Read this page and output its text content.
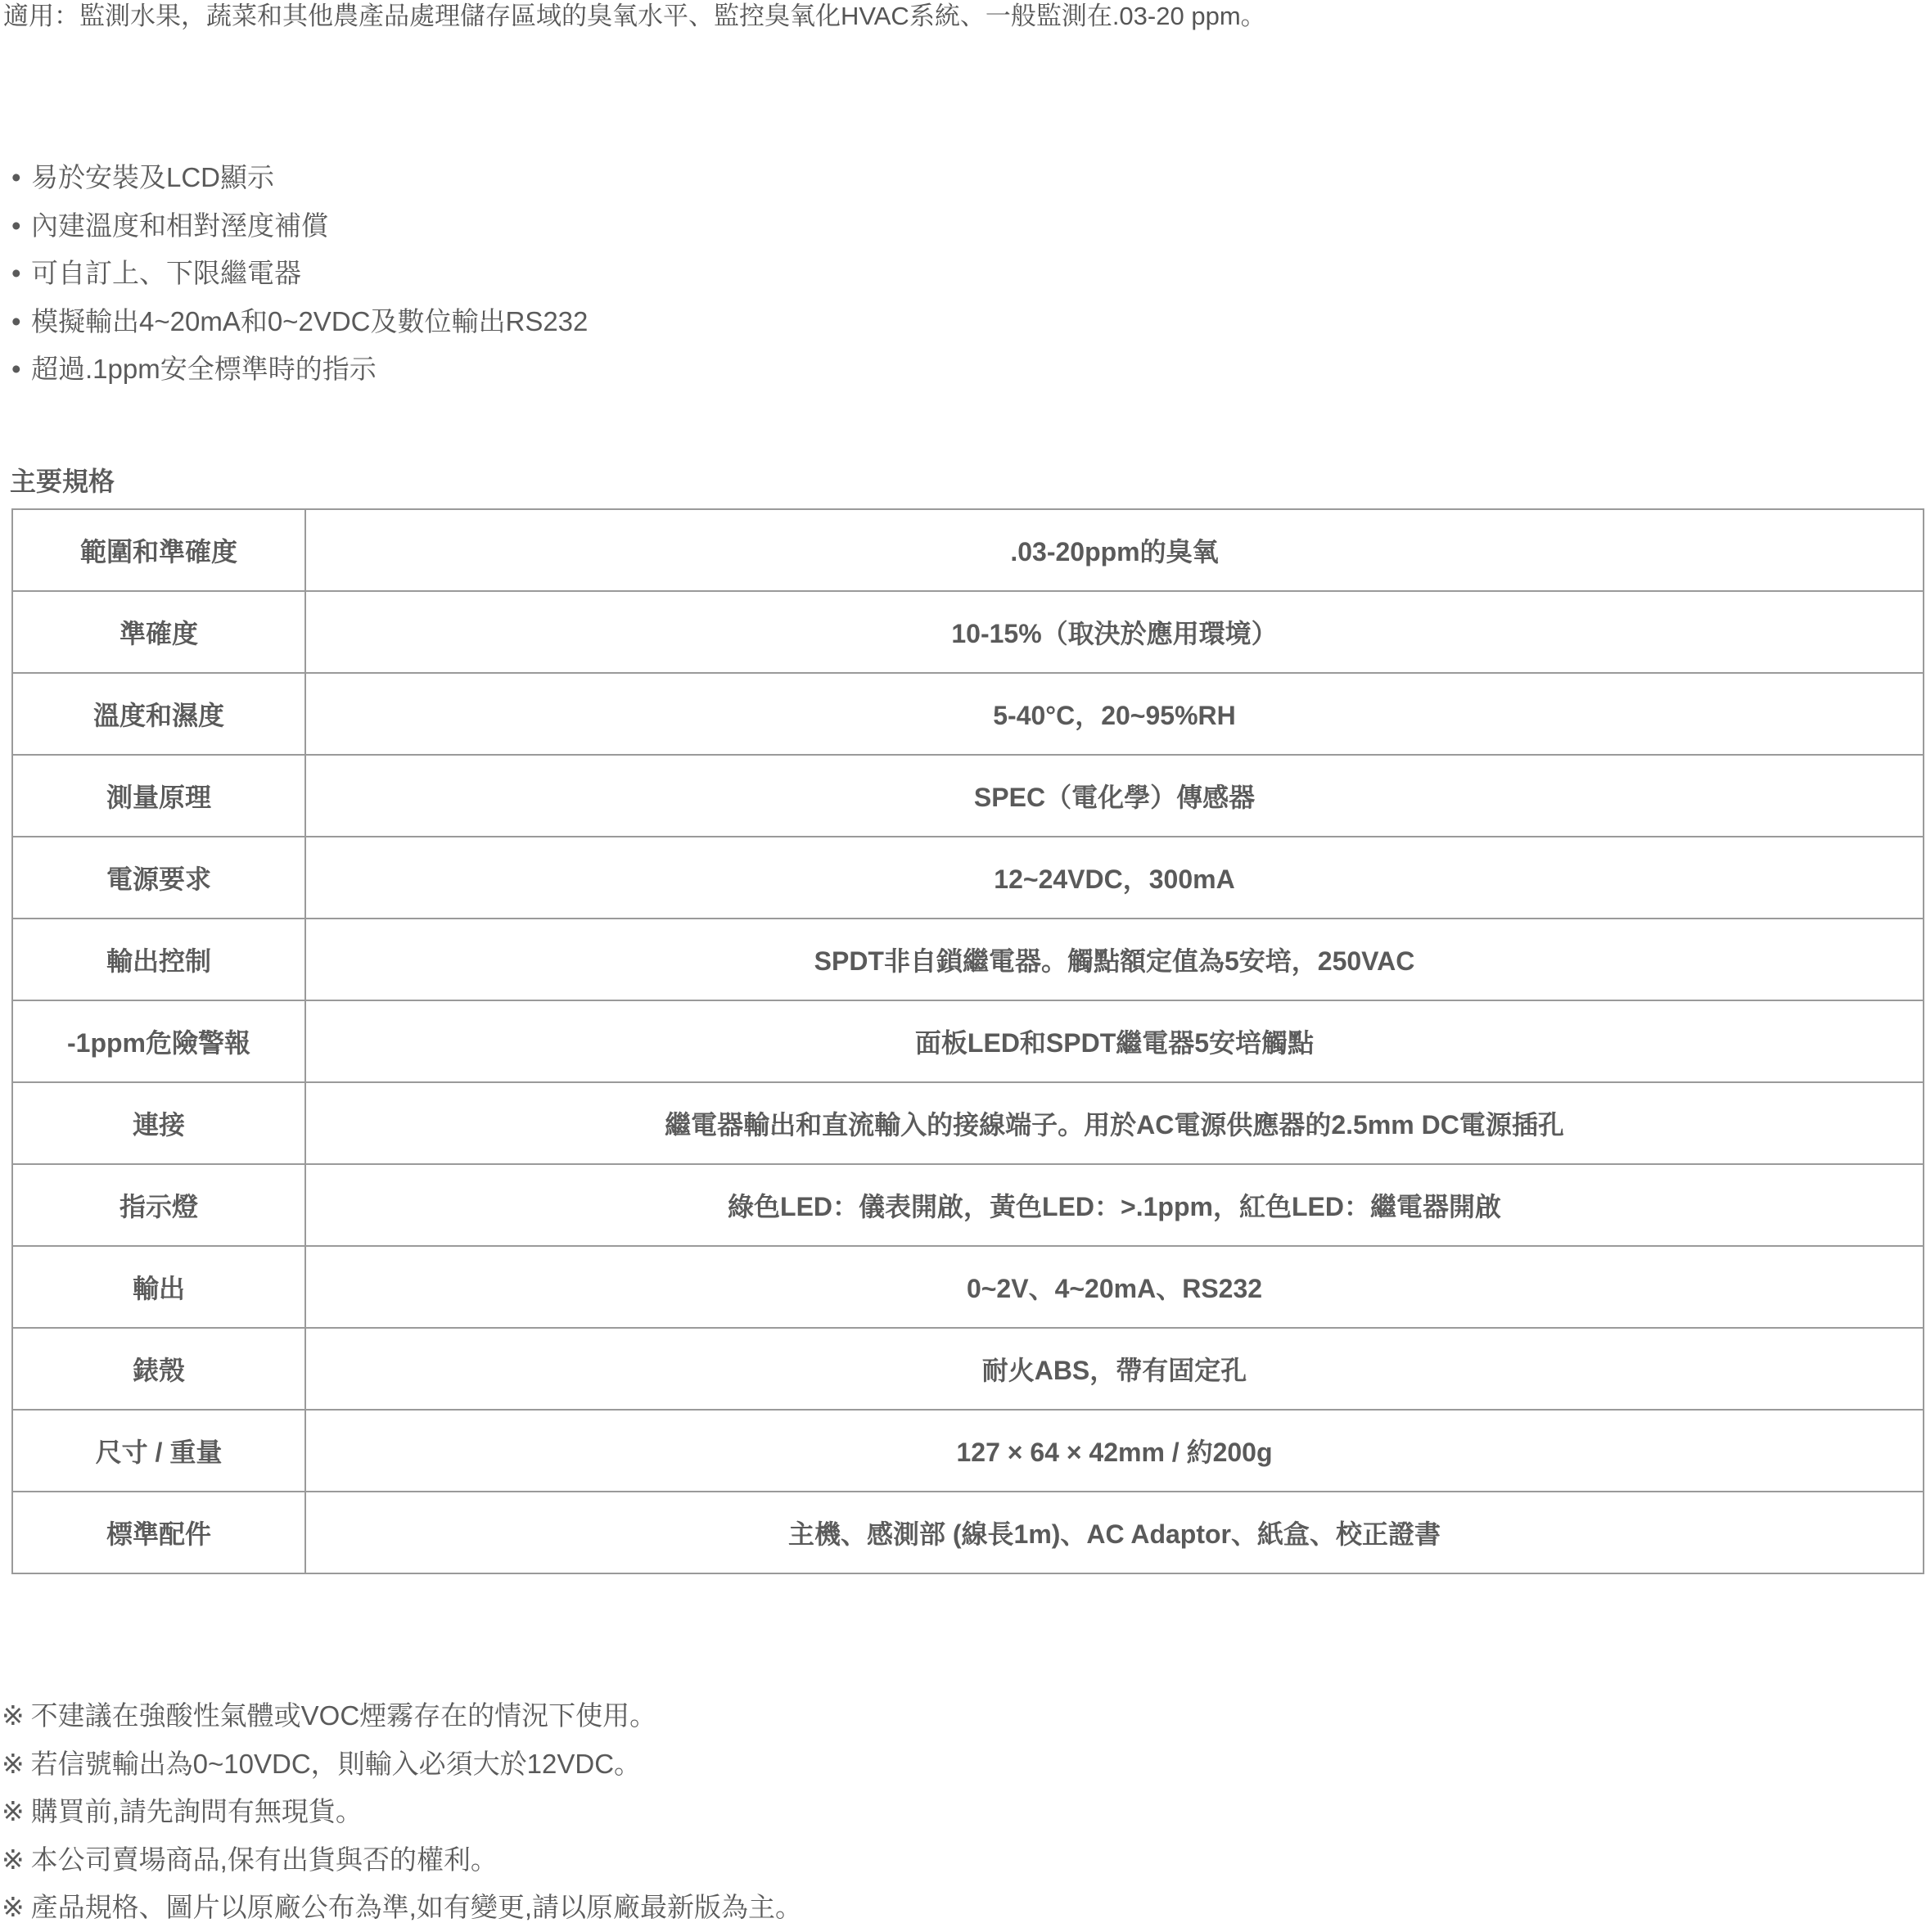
適用：監測水果，蔬菜和其他農產品處理儲存區域的臭氧水平、監控臭氧化HVAC系統、一般監測在.03-20 ppm。
• 易於安裝及LCD顯示
• 內建溫度和相對溼度補償
• 可自訂上、下限繼電器
• 模擬輸出4~20mA和0~2VDC及數位輸出RS232
• 超過.1ppm安全標準時的指示
主要規格
範圍和準確度	.03-20ppm的臭氧
準確度	10-15%（取決於應用環境）
溫度和濕度	5-40°C，20~95%RH
測量原理	SPEC（電化學）傳感器
電源要求	12~24VDC，300mA
輸出控制	SPDT非自鎖繼電器。觸點額定值為5安培，250VAC
-1ppm危險警報	面板LED和SPDT繼電器5安培觸點
連接	繼電器輸出和直流輸入的接線端子。用於AC電源供應器的2.5mm DC電源插孔
指示燈	綠色LED：儀表開啟，黃色LED：>.1ppm，紅色LED：繼電器開啟
輸出	0~2V、4~20mA、RS232
錶殼	耐火ABS，帶有固定孔
尺寸 / 重量	127 × 64 × 42mm / 約200g
標準配件	主機、感測部 (線長1m)、AC Adaptor、紙盒、校正證書
※ 不建議在強酸性氣體或VOC煙霧存在的情況下使用。
※ 若信號輸出為0~10VDC，則輸入必須大於12VDC。
※ 購買前,請先詢問有無現貨。
※ 本公司賣場商品,保有出貨與否的權利。
※ 產品規格、圖片以原廠公布為準,如有變更,請以原廠最新版為主。
